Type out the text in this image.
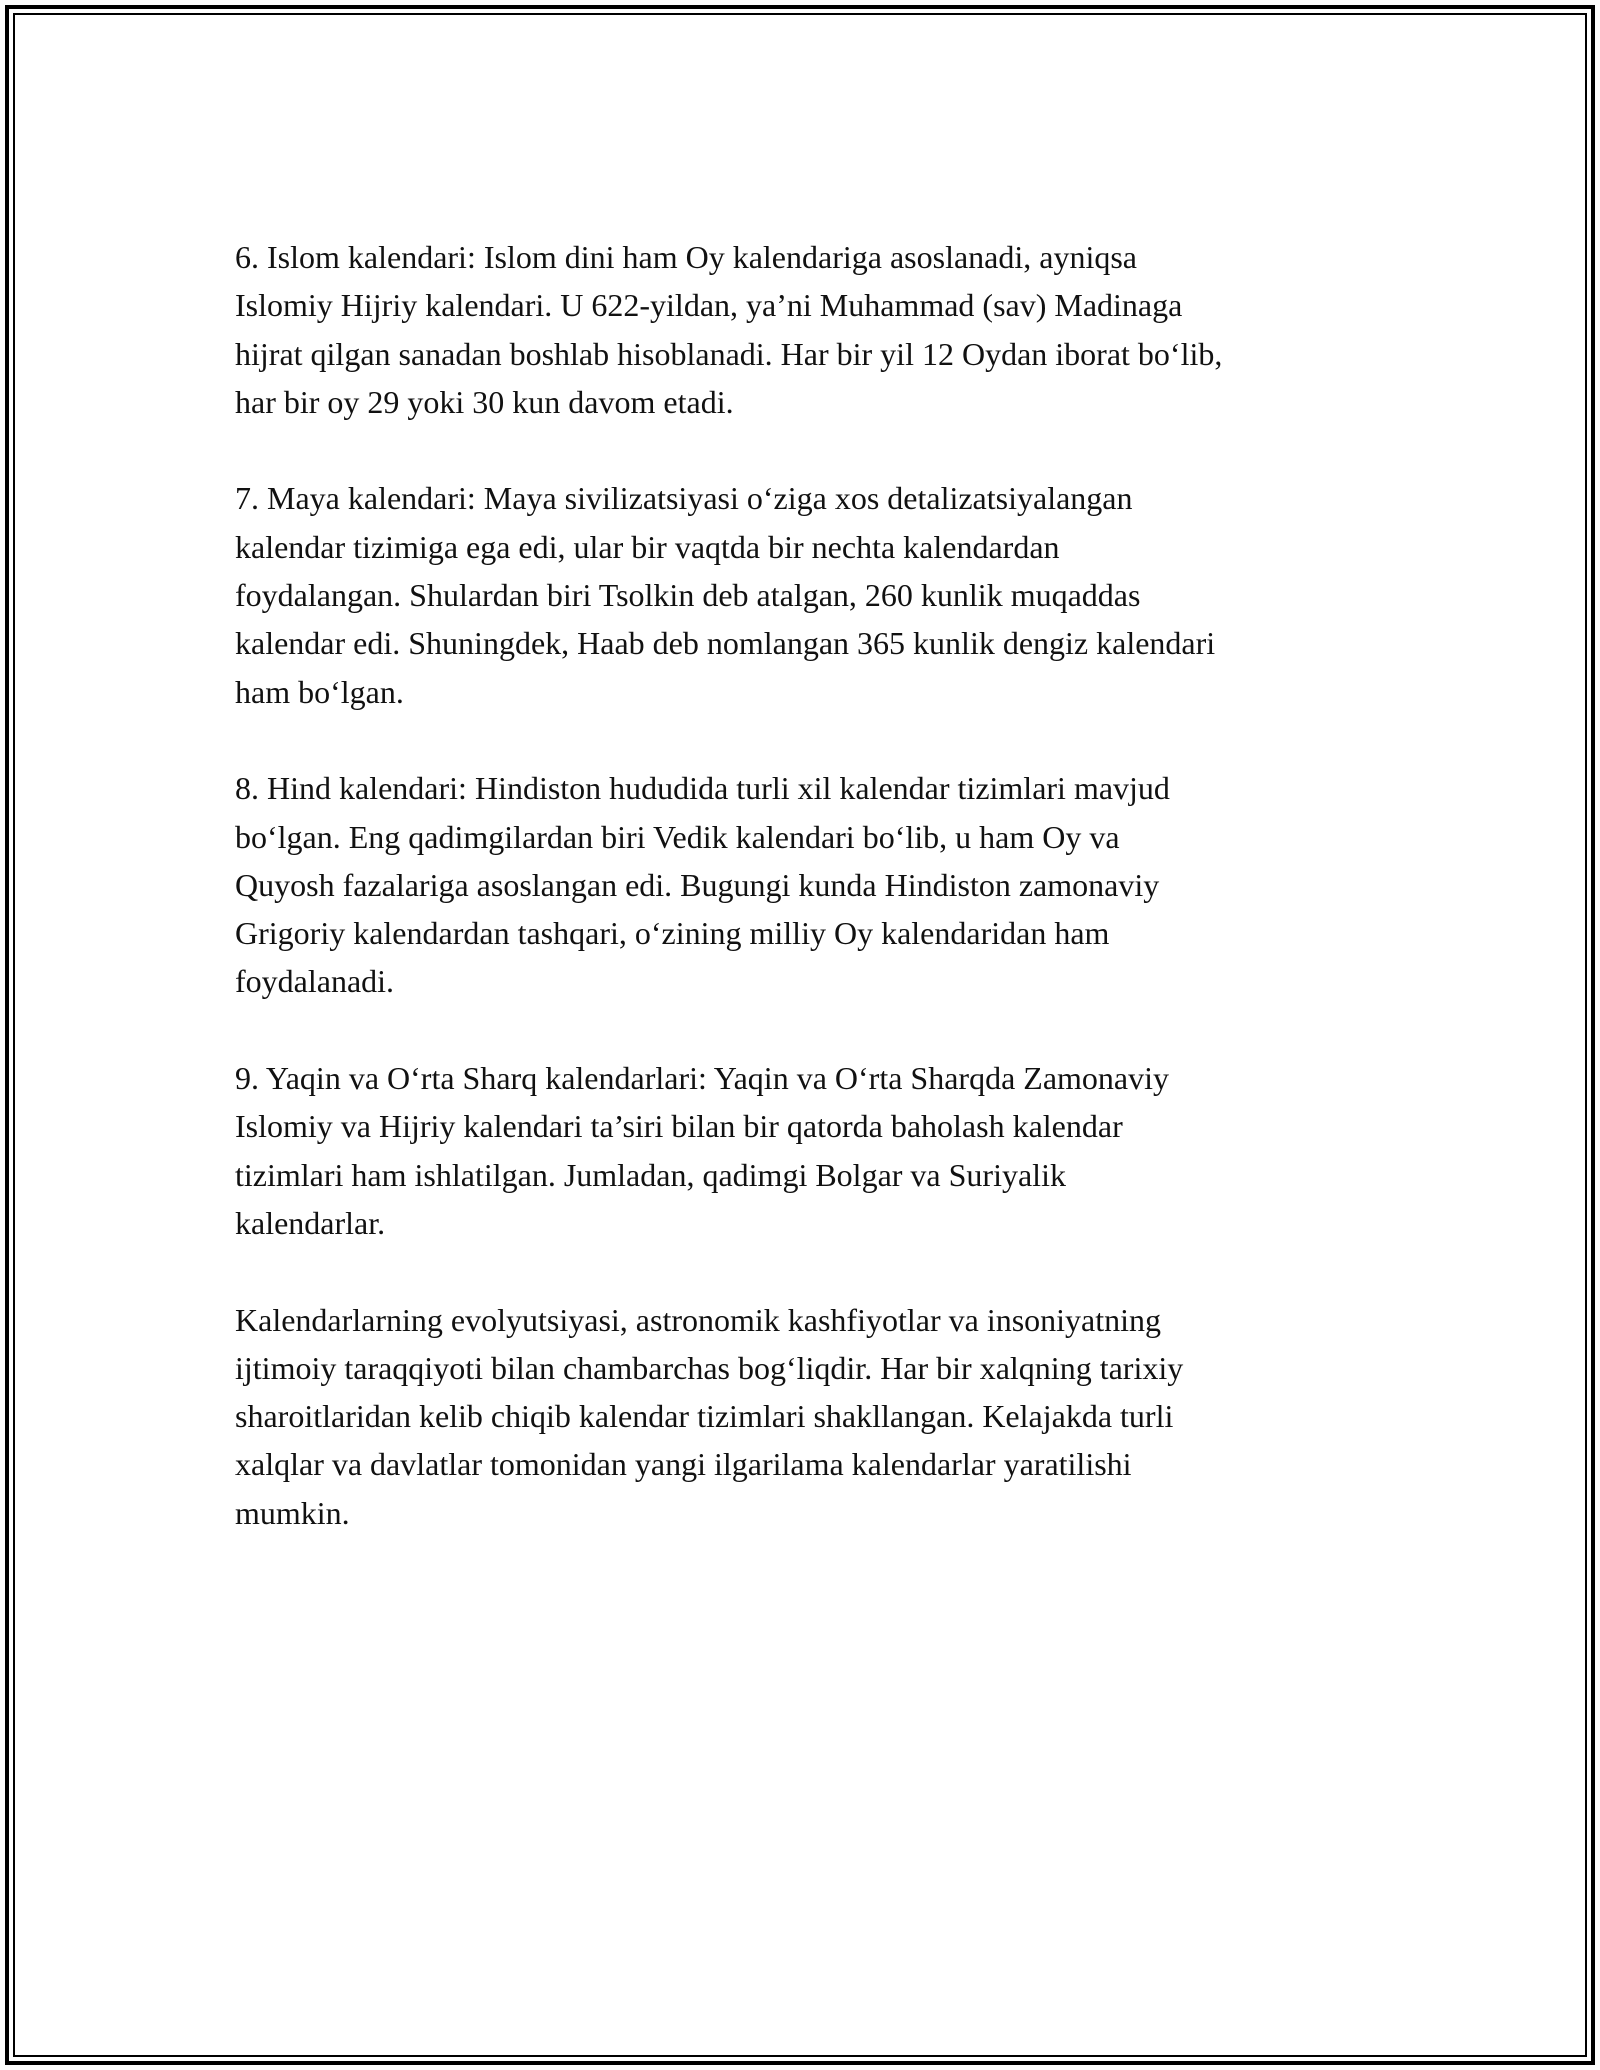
6. Islom kalendari: Islom dini ham Oy kalendariga asoslanadi, ayniqsa
Islomiy Hijriy kalendari. U 622-yildan, ya’ni Muhammad (sav) Madinaga
hijrat qilgan sanadan boshlab hisoblanadi. Har bir yil 12 Oydan iborat bo‘lib,
har bir oy 29 yoki 30 kun davom etadi.

7. Maya kalendari: Maya sivilizatsiyasi o‘ziga xos detalizatsiyalangan
kalendar tizimiga ega edi, ular bir vaqtda bir nechta kalendardan
foydalangan. Shulardan biri Tsolkin deb atalgan, 260 kunlik muqaddas
kalendar edi. Shuningdek, Haab deb nomlangan 365 kunlik dengiz kalendari
ham bo‘lgan.

8. Hind kalendari: Hindiston hududida turli xil kalendar tizimlari mavjud
bo‘lgan. Eng qadimgilardan biri Vedik kalendari bo‘lib, u ham Oy va
Quyosh fazalariga asoslangan edi. Bugungi kunda Hindiston zamonaviy
Grigoriy kalendardan tashqari, o‘zining milliy Oy kalendaridan ham
foydalanadi.

9. Yaqin va O‘rta Sharq kalendarlari: Yaqin va O‘rta Sharqda Zamonaviy
Islomiy va Hijriy kalendari ta’siri bilan bir qatorda baholash kalendar
tizimlari ham ishlatilgan. Jumladan, qadimgi Bolgar va Suriyalik
kalendarlar.

Kalendarlarning evolyutsiyasi, astronomik kashfiyotlar va insoniyatning
ijtimoiy taraqqiyoti bilan chambarchas bog‘liqdir. Har bir xalqning tarixiy
sharoitlaridan kelib chiqib kalendar tizimlari shakllangan. Kelajakda turli
xalqlar va davlatlar tomonidan yangi ilgarilama kalendarlar yaratilishi
mumkin.
